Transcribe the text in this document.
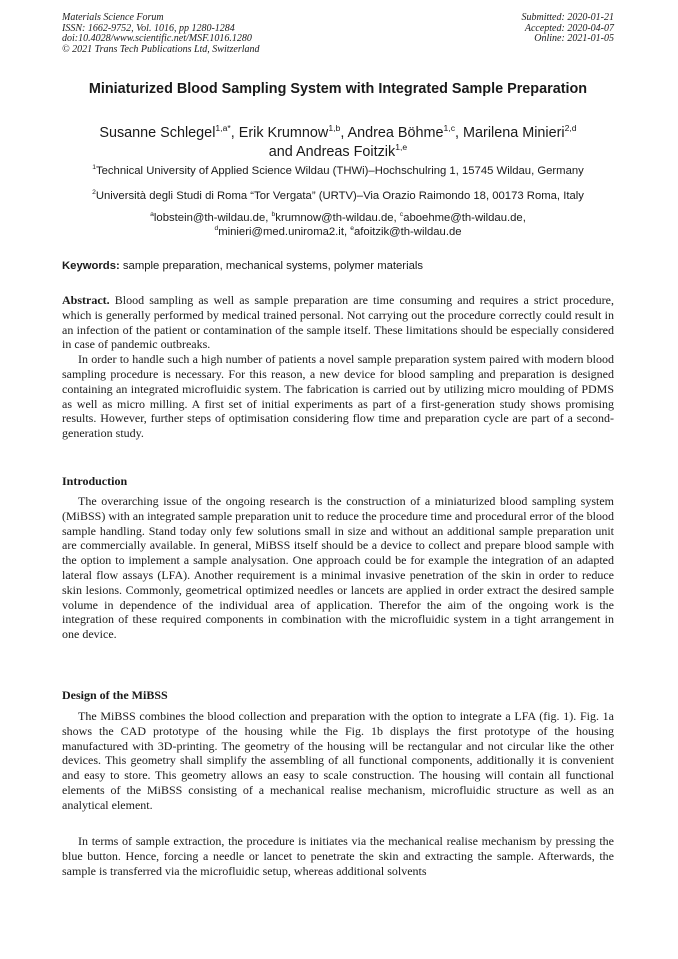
Materials Science Forum
ISSN: 1662-9752, Vol. 1016, pp 1280-1284
doi:10.4028/www.scientific.net/MSF.1016.1280
© 2021 Trans Tech Publications Ltd, Switzerland
Submitted: 2020-01-21
Accepted: 2020-04-07
Online: 2021-01-05
Miniaturized Blood Sampling System with Integrated Sample Preparation
Susanne Schlegel$^{1,a*}$, Erik Krumnow$^{1,b}$, Andrea Böhme$^{1,c}$, Marilena Minieri$^{2,d}$
and Andreas Foitzik$^{1,e}$
$^1$Technical University of Applied Science Wildau (THWi)–Hochschulring 1, 15745 Wildau, Germany
$^2$Università degli Studi di Roma “Tor Vergata” (URTV)–Via Orazio Raimondo 18, 00173 Roma, Italy
$^a$lobstein@th-wildau.de, $^b$krumnow@th-wildau.de, $^c$aboehme@th-wildau.de,
$^d$minieri@med.uniroma2.it, $^e$afoitzik@th-wildau.de
Keywords: sample preparation, mechanical systems, polymer materials

Abstract. Blood sampling as well as sample preparation are time consuming and requires a strict procedure, which is generally performed by medical trained personal. Not carrying out the procedure correctly could result in an infection of the patient or contamination of the sample itself. These limitations should be especially considered in case of pandemic outbreaks.

In order to handle such a high number of patients a novel sample preparation system paired with modern blood sampling procedure is necessary. For this reason, a new device for blood sampling and preparation is designed containing an integrated microfluidic system. The fabrication is carried out by utilizing micro moulding of PDMS as well as micro milling. A first set of initial experiments as part of a first-generation study shows promising results. However, further steps of optimisation considering flow time and preparation cycle are part of a second-generation study.

Introduction

The overarching issue of the ongoing research is the construction of a miniaturized blood sampling system (MiBSS) with an integrated sample preparation unit to reduce the procedure time and procedural error of the blood sample handling. Stand today only few solutions small in size and without an additional sample preparation unit are commercially available. In general, MiBSS itself should be a device to collect and prepare blood sample with the option to implement a sample analysation. One approach could be for example the integration of an adapted lateral flow assays (LFA). Another requirement is a minimal invasive penetration of the skin in order to reduce skin lesions. Commonly, geometrical optimized needles or lancets are applied in order extract the desired sample volume in dependence of the individual area of application. Therefor the aim of the ongoing work is the integration of these required components in combination with the microfluidic system in a tight arrangement in one device.

Design of the MiBSS

The MiBSS combines the blood collection and preparation with the option to integrate a LFA (fig. 1). Fig. 1a shows the CAD prototype of the housing while the Fig. 1b displays the first prototype of the housing manufactured with 3D-printing. The geometry of the housing will be rectangular and not circular like the other devices. This geometry shall simplify the assembling of all functional components, additionally it is convenient and easy to store. This geometry allows an easy to scale construction. The housing will contain all functional elements of the MiBSS consisting of a mechanical realise mechanism, microfluidic structure as well as an analytical element.

In terms of sample extraction, the procedure is initiates via the mechanical realise mechanism by pressing the blue button. Hence, forcing a needle or lancet to penetrate the skin and extracting the sample. Afterwards, the sample is transferred via the microfluidic setup, whereas additional solvents
